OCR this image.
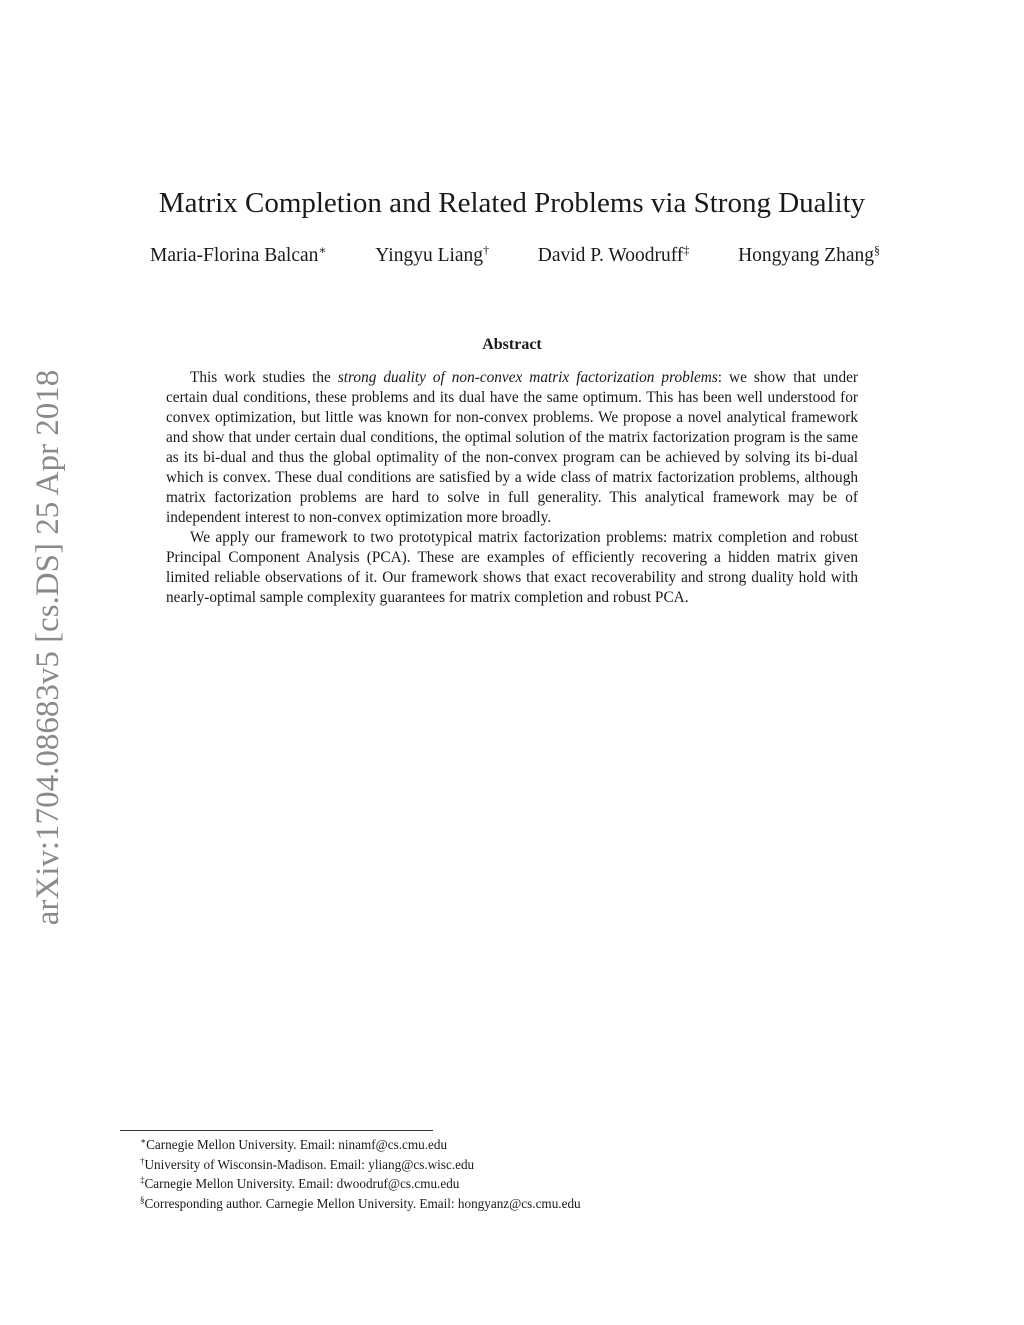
arXiv:1704.08683v5 [cs.DS] 25 Apr 2018
Matrix Completion and Related Problems via Strong Duality
Maria-Florina Balcan∗ Yingyu Liang† David P. Woodruff‡ Hongyang Zhang§
Abstract

This work studies the strong duality of non-convex matrix factorization problems: we show that under certain dual conditions, these problems and its dual have the same optimum. This has been well understood for convex optimization, but little was known for non-convex problems. We propose a novel analytical framework and show that under certain dual conditions, the optimal solution of the matrix factorization program is the same as its bi-dual and thus the global optimality of the non-convex program can be achieved by solving its bi-dual which is convex. These dual conditions are satisfied by a wide class of matrix factorization problems, although matrix factorization problems are hard to solve in full generality. This analytical framework may be of independent interest to non-convex optimization more broadly.

We apply our framework to two prototypical matrix factorization problems: matrix completion and robust Principal Component Analysis (PCA). These are examples of efficiently recovering a hidden matrix given limited reliable observations of it. Our framework shows that exact recoverability and strong duality hold with nearly-optimal sample complexity guarantees for matrix completion and robust PCA.

∗Carnegie Mellon University. Email: ninamf@cs.cmu.edu
†University of Wisconsin-Madison. Email: yliang@cs.wisc.edu
‡Carnegie Mellon University. Email: dwoodruf@cs.cmu.edu
§Corresponding author. Carnegie Mellon University. Email: hongyanz@cs.cmu.edu
